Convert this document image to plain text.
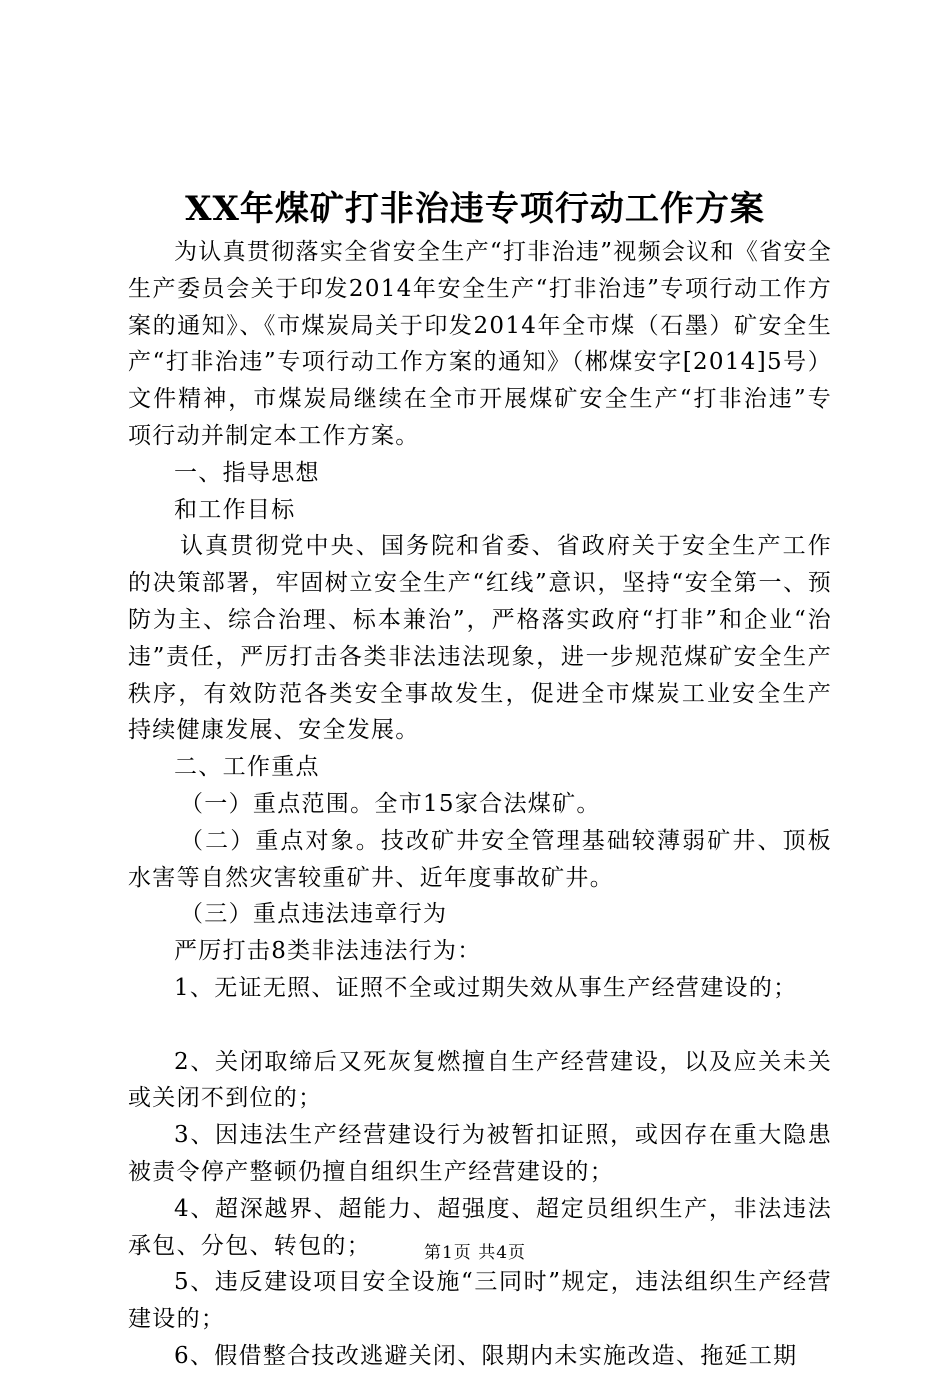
XX年煤矿打非治违专项行动工作方案

为认真贯彻落实全省安全生产“打非治违”视频会议和《省安全生产委员会关于印发2014年安全生产“打非治违”专项行动工作方案的通知》、《市煤炭局关于印发2014年全市煤（石墨）矿安全生产“打非治违”专项行动工作方案的通知》（郴煤安字[2014]5号）文件精神，市煤炭局继续在全市开展煤矿安全生产“打非治违”专项行动并制定本工作方案。

一、指导思想

和工作目标

认真贯彻党中央、国务院和省委、省政府关于安全生产工作的决策部署，牢固树立安全生产“红线”意识，坚持“安全第一、预防为主、综合治理、标本兼治”，严格落实政府“打非”和企业“治违”责任，严厉打击各类非法违法现象，进一步规范煤矿安全生产秩序，有效防范各类安全事故发生，促进全市煤炭工业安全生产持续健康发展、安全发展。

二、工作重点

（一）重点范围。全市15家合法煤矿。

（二）重点对象。技改矿井安全管理基础较薄弱矿井、顶板水害等自然灾害较重矿井、近年度事故矿井。

（三）重点违法违章行为

严厉打击8类非法违法行为：

1、无证无照、证照不全或过期失效从事生产经营建设的；

2、关闭取缔后又死灰复燃擅自生产经营建设，以及应关未关或关闭不到位的；

3、因违法生产经营建设行为被暂扣证照，或因存在重大隐患被责令停产整顿仍擅自组织生产经营建设的；

4、超深越界、超能力、超强度、超定员组织生产，非法违法承包、分包、转包的；

5、违反建设项目安全设施“三同时”规定，违法组织生产经营建设的；

6、假借整合技改逃避关闭、限期内未实施改造、拖延工期

第1页 共4页
